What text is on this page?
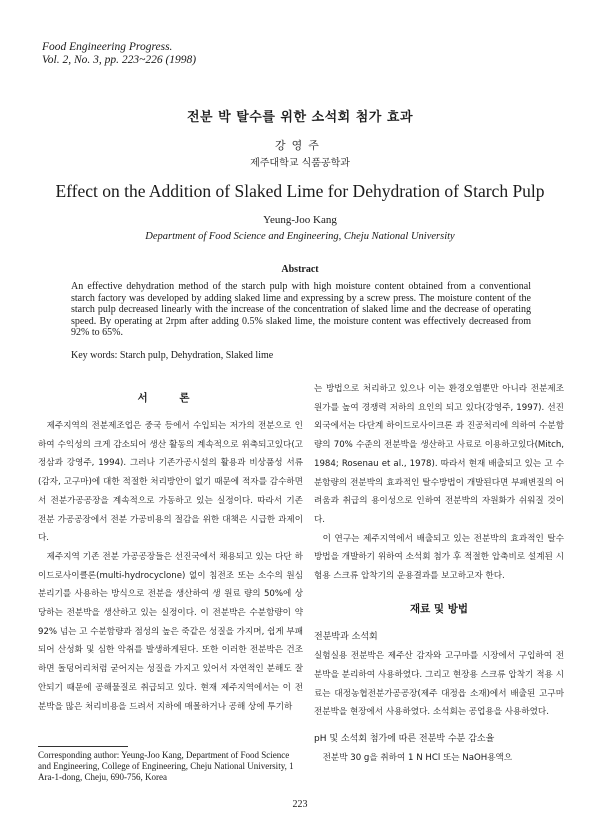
Food Engineering Progress.
Vol. 2, No. 3, pp. 223~226 (1998)
전분 박 탈수를 위한 소석회 첨가 효과
강영주
제주대학교 식품공학과
Effect on the Addition of Slaked Lime for Dehydration of Starch Pulp
Yeung-Joo Kang
Department of Food Science and Engineering, Cheju National University
Abstract
An effective dehydration method of the starch pulp with high moisture content obtained from a conventional starch factory was developed by adding slaked lime and expressing by a screw press. The moisture content of the starch pulp decreased linearly with the increase of the concentration of slaked lime and the decrease of operating speed. By operating at 2rpm after adding 0.5% slaked lime, the moisture content was effectively decreased from 92% to 65%.
Key words: Starch pulp, Dehydration, Slaked lime
서 론

제주지역의 전분제조업은 중국 등에서 수입되는 저가의 전분으로 인하여 수익성의 크게 감소되어 생산 활동의 계속적으로 위축되고있다(고정삼과 강영주, 1994). 그러나 기존가공시설의 활용과 비상품성 서류(감자, 고구마)에 대한 적절한 처리방안이 없기 때문에 적자를 감수하면서 전분가공공장을 계속적으로 가동하고 있는 실정이다. 따라서 기존 전분 가공공장에서 전분 가공비용의 절감을 위한 대책은 시급한 과제이다.

제주지역 기존 전분 가공공장들은 선진국에서 채용되고 있는 다단 하이드로사이클론(multi-hydrocyclone) 없이 침전조 또는 소수의 원심분리기를 사용하는 방식으로 전분을 생산하여 생 원료 량의 50%에 상당하는 전분박을 생산하고 있는 실정이다. 이 전분박은 수분함량이 약 92% 넘는 고 수분함량과 점성의 높은 죽같은 성질을 가지며, 쉽게 부패되어 산성화 및 심한 악취를 발생하게된다. 또한 이러한 전분박은 건조하면 돌덩어리처럼 굳어지는 성질을 가지고 있어서 자연적인 분해도 잘 안되기 때문에 공해물질로 취급되고 있다. 현재 제주지역에서는 이 전분박을 많은 처리비용을 드려서 지하에 매몰하거나 공해 상에 투기하

Corresponding author: Yeung-Joo Kang, Department of Food Science and Engineering, College of Engineering, Cheju National University, 1 Ara-1-dong, Cheju, 690-756, Korea

는 방법으로 처리하고 있으나 이는 환경오염뿐만 아니라 전분제조원가를 높여 경쟁력 저하의 요인의 되고 있다(강영주, 1997). 선진외국에서는 다단계 하이드로사이크론 과 진공처리에 의하여 수분함량의 70% 수준의 전분박을 생산하고 사료로 이용하고있다(Mitch, 1984; Rosenau et al., 1978). 따라서 현재 배출되고 있는 고 수분함량의 전분박의 효과적인 탈수방법이 개발된다면 부패변질의 어려움과 취급의 용이성으로 인하여 전분박의 자원화가 쉬워질 것이다.

이 연구는 제주지역에서 배출되고 있는 전분박의 효과적인 탈수방법을 개발하기 위하여 소석회 첨가 후 적절한 압축비로 설계된 시험용 스크류 압착기의 운용결과를 보고하고자 한다.

재료 및 방법

전분박과 소석회

실험실용 전분박은 제주산 감자와 고구마를 시장에서 구입하여 전분박을 분리하여 사용하였다. 그리고 현장용 스크류 압착기 적용 시료는 대정농협전분가공공장(제주 대정읍 소재)에서 배출된 고구마 전분박을 현장에서 사용하였다. 소석회는 공업용을 사용하였다.

pH 및 소석회 첨가에 따른 전분박 수분 감소율

전분박 30 g을 취하여 1 N HCl 또는 NaOH용액으

223
